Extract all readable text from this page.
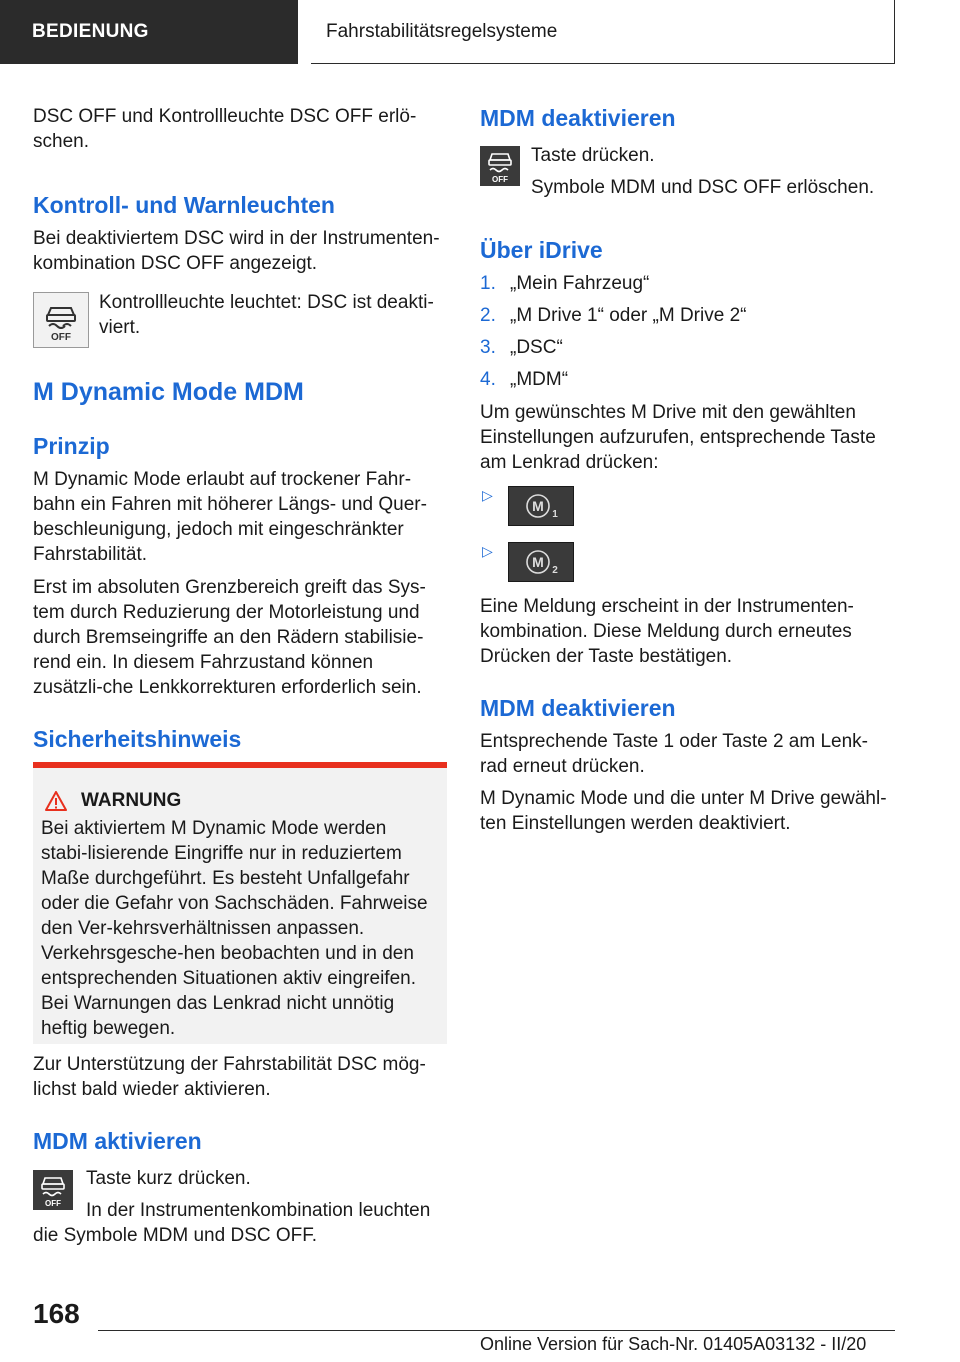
BEDIENUNG	Fahrstabilitätsregelsysteme

DSC OFF und Kontrollleuchte DSC OFF erlö-schen.

Kontroll- und Warnleuchten

Bei deaktiviertem DSC wird in der Instrumenten-kombination DSC OFF angezeigt.

OFF

Kontrollleuchte leuchtet: DSC ist deakti-viert.

M Dynamic Mode MDM
Prinzip

M Dynamic Mode erlaubt auf trockener Fahr-bahn ein Fahren mit höherer Längs- und Quer-beschleunigung, jedoch mit eingeschränkter Fahrstabilität.

Erst im absoluten Grenzbereich greift das Sys-tem durch Reduzierung der Motorleistung und durch Bremseingriffe an den Rädern stabilisie-rend ein. In diesem Fahrzustand können zusätzli-che Lenkkorrekturen erforderlich sein.

Sicherheitshinweis
WARNUNG

Bei aktiviertem M Dynamic Mode werden stabi-lisierende Eingriffe nur in reduziertem Maße durchgeführt. Es besteht Unfallgefahr oder die Gefahr von Sachschäden. Fahrweise den Ver-kehrsverhältnissen anpassen. Verkehrsgesche-hen beobachten und in den entsprechenden Situationen aktiv eingreifen. Bei Warnungen das Lenkrad nicht unnötig heftig bewegen.

Zur Unterstützung der Fahrstabilität DSC mög-lichst bald wieder aktivieren.

MDM aktivieren
OFF

Taste kurz drücken.

In der Instrumentenkombination leuchten

die Symbole MDM und DSC OFF.

MDM deaktivieren
OFF

Taste drücken.

Symbole MDM und DSC OFF erlöschen.

Über iDrive
1. „Mein Fahrzeug“
2. „M Drive 1“ oder „M Drive 2“
3. „DSC“
4. „MDM“

Um gewünschtes M Drive mit den gewählten Einstellungen aufzurufen, entsprechende Taste am Lenkrad drücken:

▷
M
1
▷
M
2

Eine Meldung erscheint in der Instrumenten-kombination. Diese Meldung durch erneutes Drücken der Taste bestätigen.

MDM deaktivieren

Entsprechende Taste 1 oder Taste 2 am Lenk-rad erneut drücken.

M Dynamic Mode und die unter M Drive gewähl-ten Einstellungen werden deaktiviert.

168
Online Version für Sach-Nr. 01405A03132 - II/20
